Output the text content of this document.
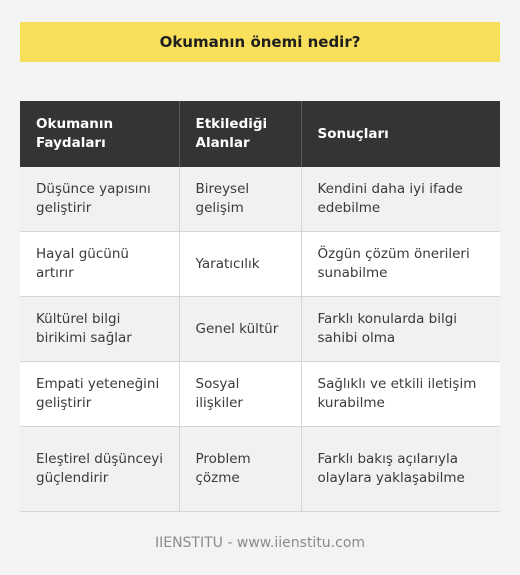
Okumanın önemi nedir?
Okumanın Faydaları	Etkilediği Alanlar	Sonuçları
Düşünce yapısını geliştirir	Bireysel gelişim	Kendini daha iyi ifade edebilme
Hayal gücünü artırır	Yaratıcılık	Özgün çözüm önerileri sunabilme
Kültürel bilgi birikimi sağlar	Genel kültür	Farklı konularda bilgi sahibi olma
Empati yeteneğini geliştirir	Sosyal ilişkiler	Sağlıklı ve etkili iletişim kurabilme
Eleştirel düşünceyi güçlendirir	Problem çözme	Farklı bakış açılarıyla olaylara yaklaşabilme
IIENSTITU - www.iienstitu.com
